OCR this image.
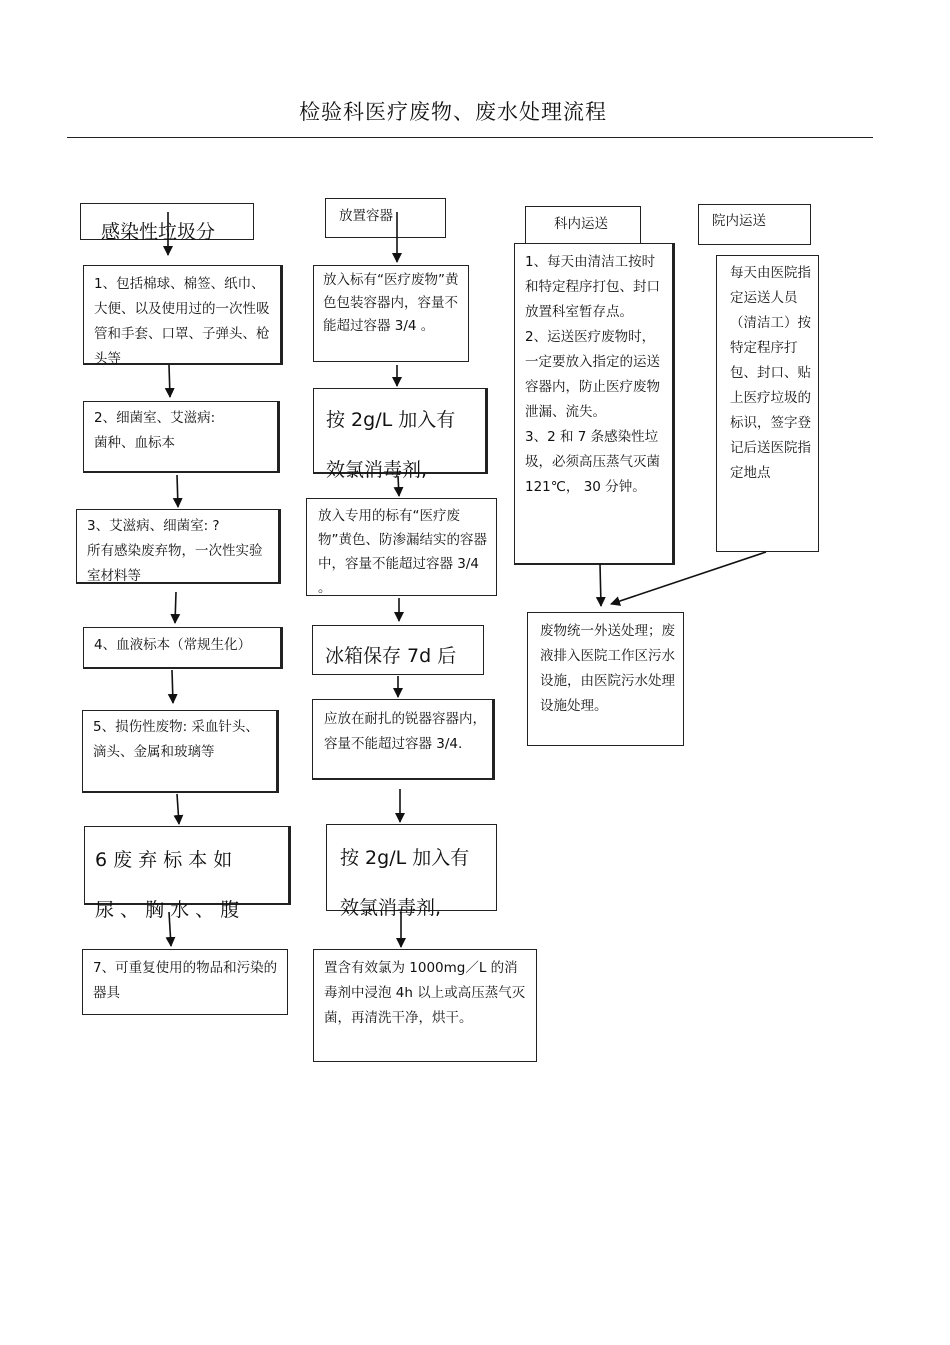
检验科医疗废物、废水处理流程
感染性垃圾分
1、包括棉球、棉签、纸巾、大便、以及使用过的一次性吸管和手套、口罩、子弹头、枪头等
2、细菌室、艾滋病:
菌种、血标本
3、艾滋病、细菌室: ?
所有感染废弃物，一次性实验室材料等
4、血液标本（常规生化）
5、损伤性废物: 采血针头、滴头、金属和玻璃等
6 废 弃 标 本 如
尿 、 胸 水 、 腹
7、可重复使用的物品和污染的器具
放置容器
放入标有“医疗废物”黄色包装容器内，容量不能超过容器 3/4 。
按 2g/L 加入有
效氯消毒剂,
放入专用的标有“医疗废物”黄色、防渗漏结实的容器中，容量不能超过容器 3/4 。
冰箱保存 7d 后
应放在耐扎的锐器容器内，容量不能超过容器 3/4.
按 2g/L 加入有
效氯消毒剂,
置含有效氯为 1000mg／L 的消毒剂中浸泡 4h 以上或高压蒸气灭菌，再清洗干净，烘干。
科内运送
1、每天由清洁工按时和特定程序打包、封口放置科室暂存点。
2、运送医疗废物时，一定要放入指定的运送容器内，防止医疗废物泄漏、流失。
3、2 和 7 条感染性垃圾，必须高压蒸气灭菌 121℃， 30 分钟。
院内运送
每天由医院指定运送人员（清洁工）按特定程序打包、封口、贴上医疗垃圾的标识，签字登记后送医院指定地点
废物统一外送处理；废液排入医院工作区污水设施，由医院污水处理设施处理。
